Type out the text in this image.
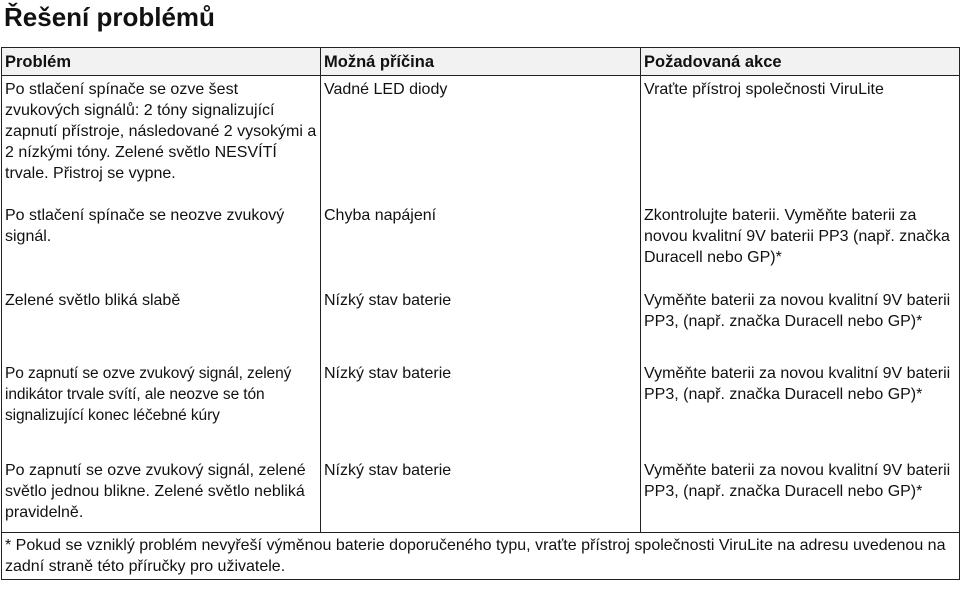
Řešení problémů
Problém	Možná příčina	Požadovaná akce
Po stlačení spínače se ozve šest zvukových signálů: 2 tóny signalizující zapnutí přístroje, následované 2 vysokými a 2 nízkými tóny. Zelené světlo NESVÍTÍ trvale. Přistroj se vypne.	Vadné LED diody	Vraťte přístroj společnosti ViruLite
Po stlačení spínače se neozve zvukový signál.	Chyba napájení	Zkontrolujte baterii. Vyměňte baterii za novou kvalitní 9V baterii PP3 (např. značka Duracell nebo GP)*
Zelené světlo bliká slabě	Nízký stav baterie	Vyměňte baterii za novou kvalitní 9V baterii PP3, (např. značka Duracell nebo GP)*
Po zapnutí se ozve zvukový signál, zelený indikátor trvale svítí, ale neozve se tón signalizující konec léčebné kúry	Nízký stav baterie	Vyměňte baterii za novou kvalitní 9V baterii PP3, (např. značka Duracell nebo GP)*
Po zapnutí se ozve zvukový signál, zelené světlo jednou blikne. Zelené světlo nebliká pravidelně.	Nízký stav baterie	Vyměňte baterii za novou kvalitní 9V baterii PP3, (např. značka Duracell nebo GP)*
* Pokud se vzniklý problém nevyřeší výměnou baterie doporučeného typu, vraťte přístroj společnosti ViruLite na adresu uvedenou na zadní straně této příručky pro uživatele.		
